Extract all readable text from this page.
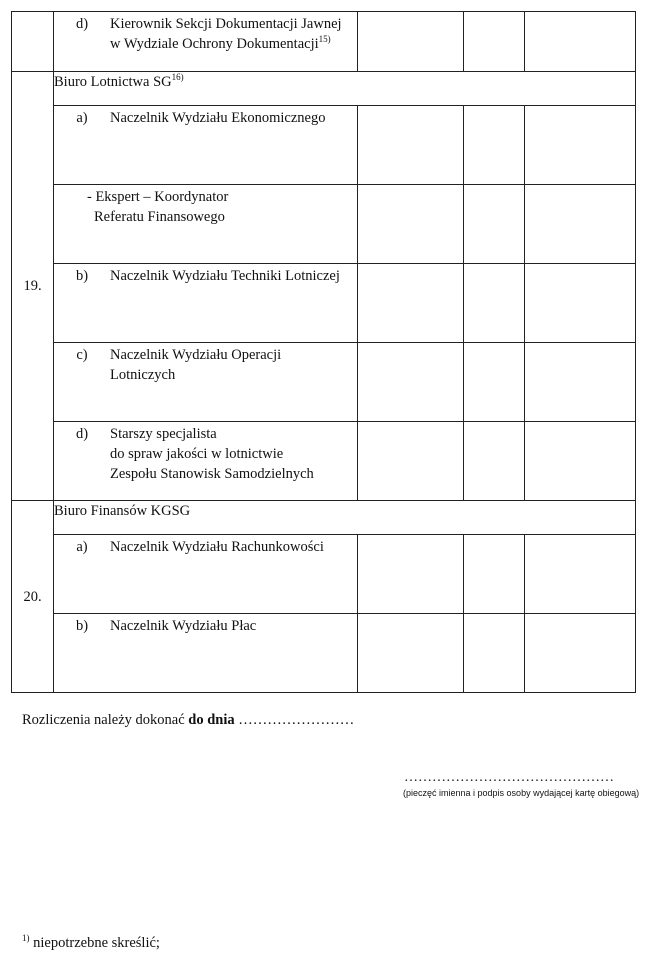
	d) Kierownik Sekcji Dokumentacji Jawnej
w Wydziale Ochrony Dokumentacji$^{15)}$

19.	Biuro Lotnictwa SG$^{16)}$

	a) Naczelnik Wydziału Ekonomicznego			

	- Ekspert – Koordynator
Referatu Finansowego			

	b) Naczelnik Wydziału Techniki Lotniczej			

	c) Naczelnik Wydziału Operacji
Lotniczych			

	d) Starszy specjalista
do spraw jakości w lotnictwie
Zespołu Stanowisk Samodzielnych			

20.	Biuro Finansów KGSG			

	a) Naczelnik Wydziału Rachunkowości			

	b) Naczelnik Wydziału Płac			

Rozliczenia należy dokonać do dnia ……………………
………………………………………
(pieczęć imienna i podpis osoby wydającej kartę obiegową)
$^{1)}$ niepotrzebne skreślić;
